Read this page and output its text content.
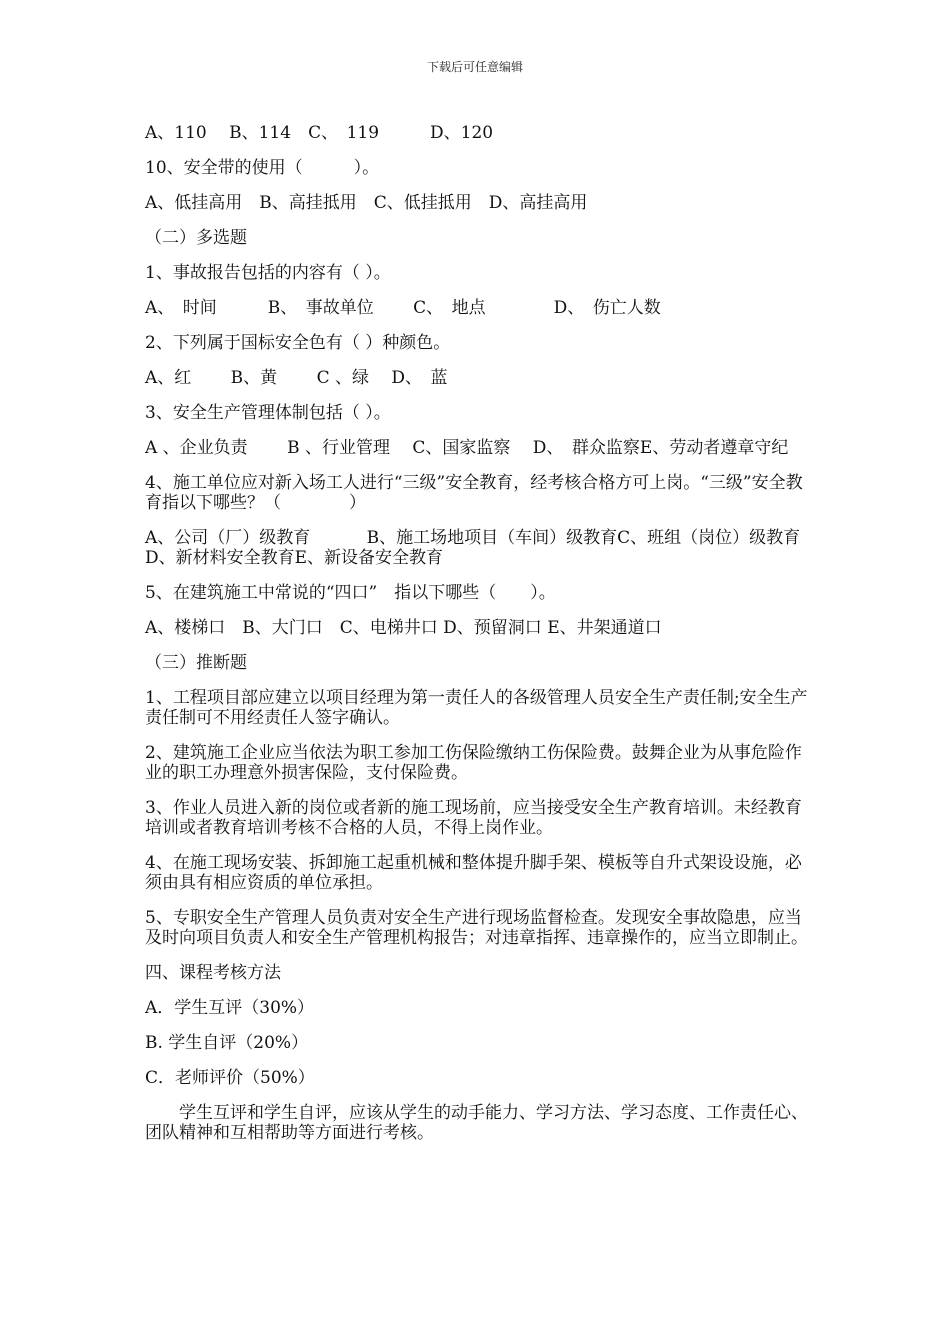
下载后可任意编辑
A、110　 B、114　C、　119　　　D、120
10、安全带的使用（　　　）。
A、低挂高用　B、高挂抵用　C、低挂抵用　D、高挂高用
（二）多选题
1、事故报告包括的内容有（ ）。
A、　时间　　　B、　事故单位　　 C、　地点　　　　D、　伤亡人数
2、下列属于国标安全色有（ ）种颜色。
A、红　　 B、黄　　 C 、绿　 D、　蓝
3、安全生产管理体制包括（ ）。
A 、企业负责　　 B 、行业管理　 C、国家监察　 D、　群众监察E、劳动者遵章守纪
4、施工单位应对新入场工人进行“三级”安全教育，经考核合格方可上岗。“三级”安全教育指以下哪些？（　　　　）
A、公司（厂）级教育　　　 B、施工场地项目（车间）级教育C、班组（岗位）级教育　 D、新材料安全教育E、新设备安全教育
5、在建筑施工中常说的“四口”　指以下哪些（　　）。
A、楼梯口　B、大门口　C、电梯井口 D、预留洞口 E、井架通道口
（三）推断题
1、工程项目部应建立以项目经理为第一责任人的各级管理人员安全生产责任制;安全生产责任制可不用经责任人签字确认。
2、建筑施工企业应当依法为职工参加工伤保险缴纳工伤保险费。鼓舞企业为从事危险作业的职工办理意外损害保险，支付保险费。
3、作业人员进入新的岗位或者新的施工现场前，应当接受安全生产教育培训。未经教育培训或者教育培训考核不合格的人员，不得上岗作业。
4、在施工现场安装、拆卸施工起重机械和整体提升脚手架、模板等自升式架设设施，必须由具有相应资质的单位承担。
5、专职安全生产管理人员负责对安全生产进行现场监督检查。发现安全事故隐患，应当及时向项目负责人和安全生产管理机构报告；对违章指挥、违章操作的，应当立即制止。
四、课程考核方法
A．学生互评（30%）
B. 学生自评（20%）
C．老师评价（50%）
学生互评和学生自评，应该从学生的动手能力、学习方法、学习态度、工作责任心、团队精神和互相帮助等方面进行考核。
